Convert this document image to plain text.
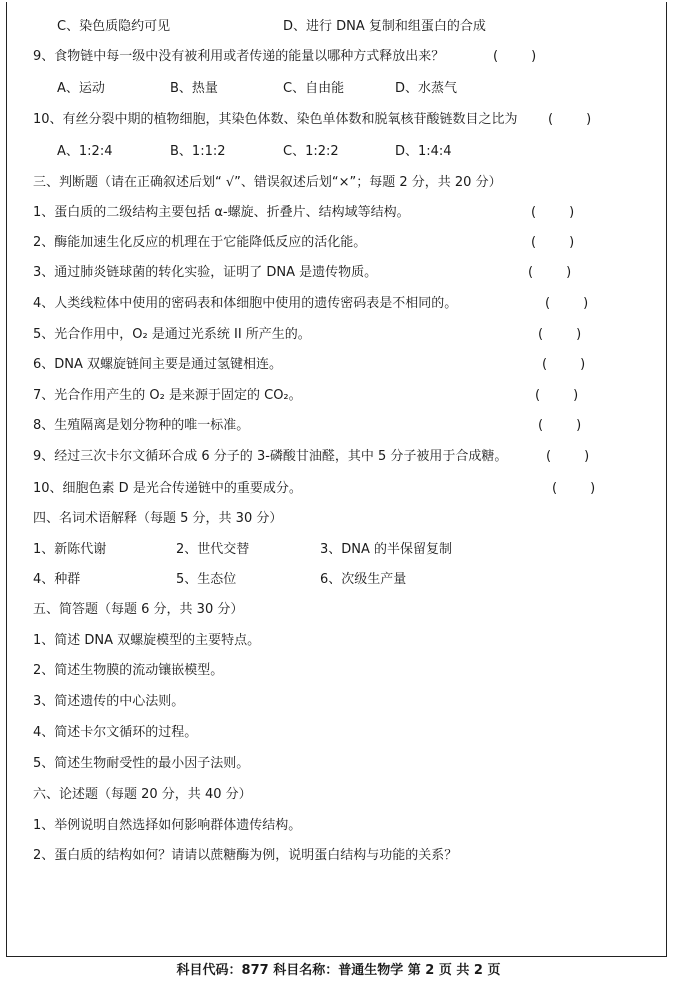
C、染色质隐约可见	D、进行 DNA 复制和组蛋白的合成
9、食物链中每一级中没有被利用或者传递的能量以哪种方式释放出来？	(        )
A、运动	B、热量	C、自由能	D、水蒸气
10、有丝分裂中期的植物细胞，其染色体数、染色单体数和脱氧核苷酸链数目之比为 (        )
A、1:2:4	B、1:1:2	C、1:2:2	D、1:4:4
三、判断题（请在正确叙述后划“ √”、错误叙述后划“×”；每题 2 分，共 20 分）
1、蛋白质的二级结构主要包括 α-螺旋、折叠片、结构域等结构。	(        )
2、酶能加速生化反应的机理在于它能降低反应的活化能。	(        )
3、通过肺炎链球菌的转化实验，证明了 DNA 是遗传物质。	(        )
4、人类线粒体中使用的密码表和体细胞中使用的遗传密码表是不相同的。	(        )
5、光合作用中，O₂ 是通过光系统 II 所产生的。	(        )
6、DNA 双螺旋链间主要是通过氢键相连。	(        )
7、光合作用产生的 O₂ 是来源于固定的 CO₂。	(        )
8、生殖隔离是划分物种的唯一标准。	(        )
9、经过三次卡尔文循环合成 6 分子的 3-磷酸甘油醛，其中 5 分子被用于合成糖。	(        )
10、细胞色素 D 是光合传递链中的重要成分。	(        )
四、名词术语解释（每题 5 分，共 30 分）
1、新陈代谢	2、世代交替	3、DNA 的半保留复制
4、种群	5、生态位	6、次级生产量
五、简答题（每题 6 分，共 30 分）
1、简述 DNA 双螺旋模型的主要特点。
2、简述生物膜的流动镶嵌模型。
3、简述遗传的中心法则。
4、简述卡尔文循环的过程。
5、简述生物耐受性的最小因子法则。
六、论述题（每题 20 分，共 40 分）
1、举例说明自然选择如何影响群体遗传结构。
2、蛋白质的结构如何？请请以蔗糖酶为例，说明蛋白结构与功能的关系？
科目代码：877 科目名称：普通生物学 第 2 页 共 2 页
